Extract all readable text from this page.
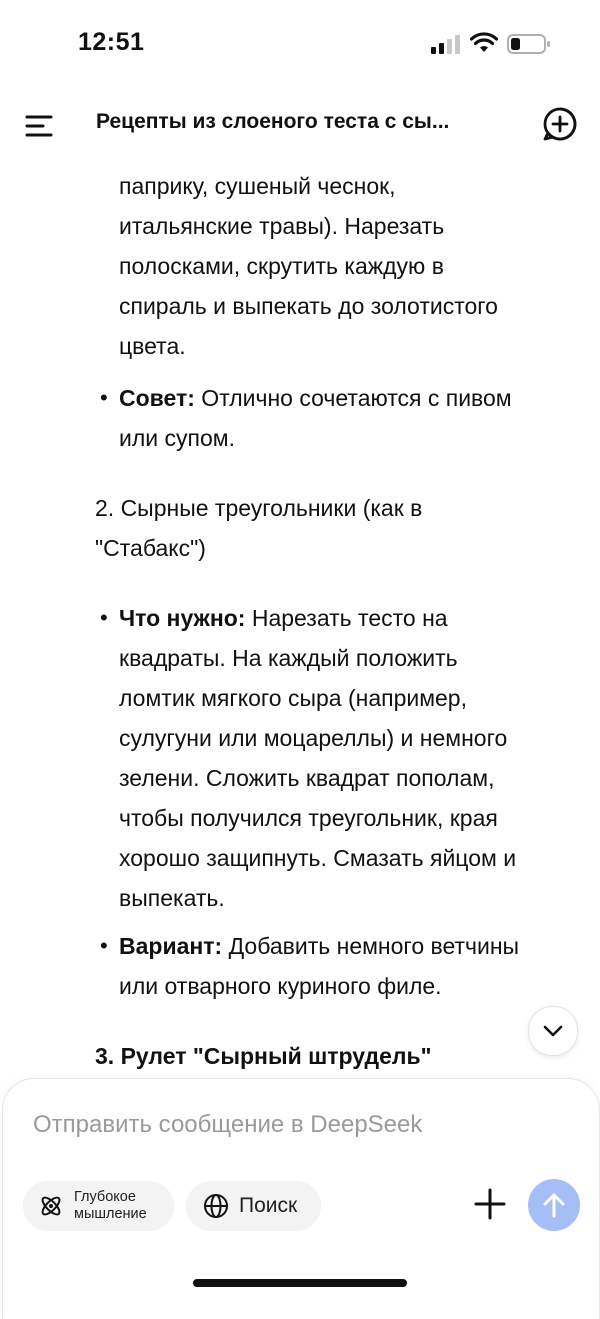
12:51
Рецепты из слоеного теста с сы...
паприку, сушеный чеснок,
итальянские травы). Нарезать
полосками, скрутить каждую в
спираль и выпекать до золотистого
цвета.
• Совет: Отлично сочетаются с пивом
или супом.
2. Сырные треугольники (как в
"Стабакс")
• Что нужно: Нарезать тесто на
квадраты. На каждый положить
ломтик мягкого сыра (например,
сулугуни или моцареллы) и немного
зелени. Сложить квадрат пополам,
чтобы получился треугольник, края
хорошо защипнуть. Смазать яйцом и
выпекать.
• Вариант: Добавить немного ветчины
или отварного куриного филе.
3. Рулет "Сырный штрудель"
Отправить сообщение в DeepSeek
Глубокое
мышление	Поиск
